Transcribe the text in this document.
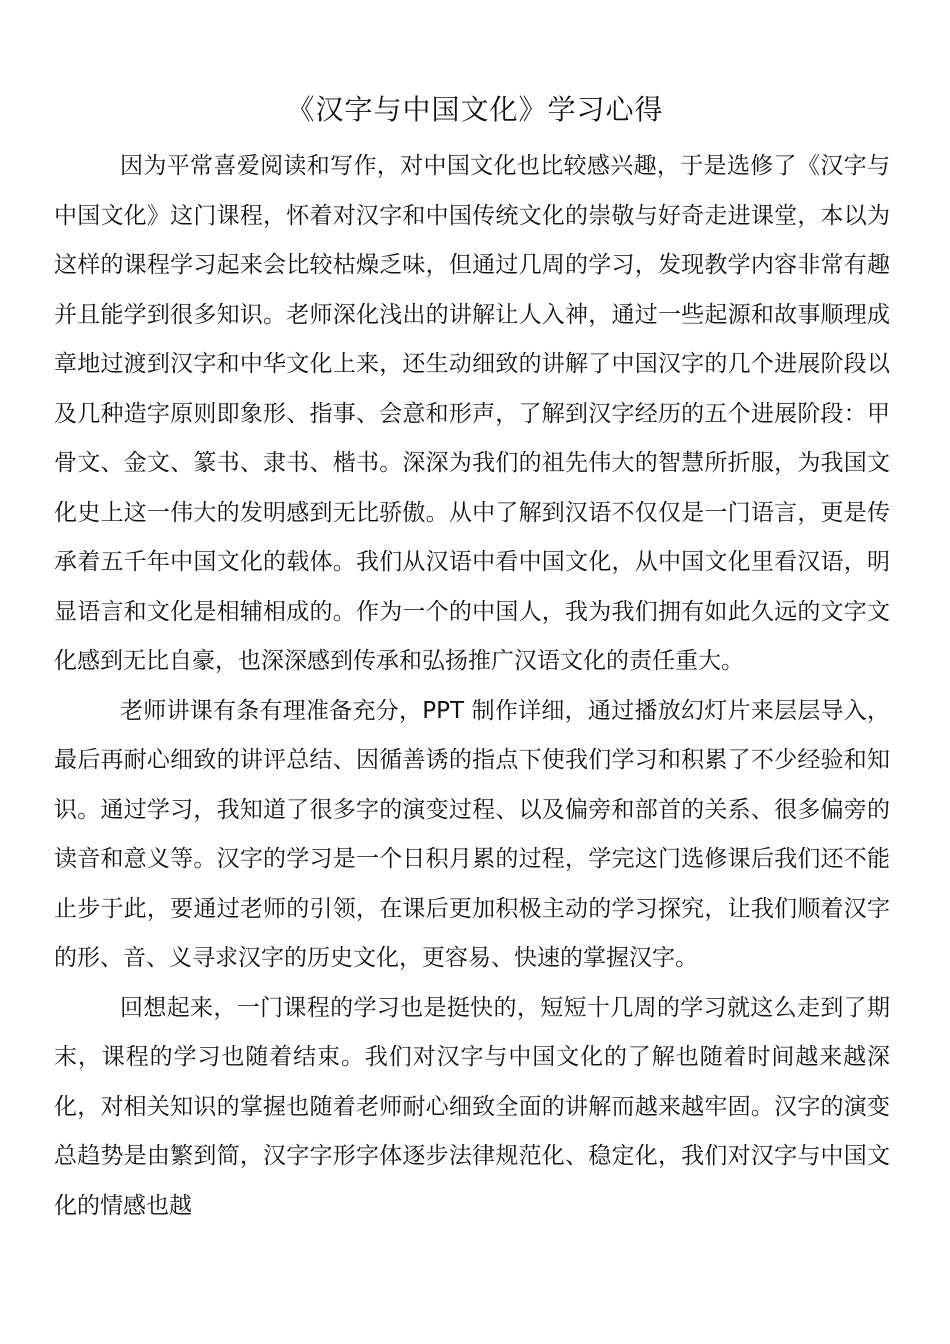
《汉字与中国文化》学习心得

因为平常喜爱阅读和写作，对中国文化也比较感兴趣，于是选修了《汉字与中国文化》这门课程，怀着对汉字和中国传统文化的崇敬与好奇走进课堂，本以为这样的课程学习起来会比较枯燥乏味，但通过几周的学习，发现教学内容非常有趣并且能学到很多知识。老师深化浅出的讲解让人入神，通过一些起源和故事顺理成章地过渡到汉字和中华文化上来，还生动细致的讲解了中国汉字的几个进展阶段以及几种造字原则即象形、指事、会意和形声，了解到汉字经历的五个进展阶段：甲骨文、金文、篆书、隶书、楷书。深深为我们的祖先伟大的智慧所折服，为我国文化史上这一伟大的发明感到无比骄傲。从中了解到汉语不仅仅是一门语言，更是传承着五千年中国文化的载体。我们从汉语中看中国文化，从中国文化里看汉语，明显语言和文化是相辅相成的。作为一个的中国人，我为我们拥有如此久远的文字文化感到无比自豪，也深深感到传承和弘扬推广汉语文化的责任重大。

老师讲课有条有理准备充分，PPT 制作详细，通过播放幻灯片来层层导入，最后再耐心细致的讲评总结、因循善诱的指点下使我们学习和积累了不少经验和知识。通过学习，我知道了很多字的演变过程、以及偏旁和部首的关系、很多偏旁的读音和意义等。汉字的学习是一个日积月累的过程，学完这门选修课后我们还不能止步于此，要通过老师的引领，在课后更加积极主动的学习探究，让我们顺着汉字的形、音、义寻求汉字的历史文化，更容易、快速的掌握汉字。

回想起来，一门课程的学习也是挺快的，短短十几周的学习就这么走到了期末，课程的学习也随着结束。我们对汉字与中国文化的了解也随着时间越来越深化，对相关知识的掌握也随着老师耐心细致全面的讲解而越来越牢固。汉字的演变总趋势是由繁到简，汉字字形字体逐步法律规范化、稳定化，我们对汉字与中国文化的情感也越
